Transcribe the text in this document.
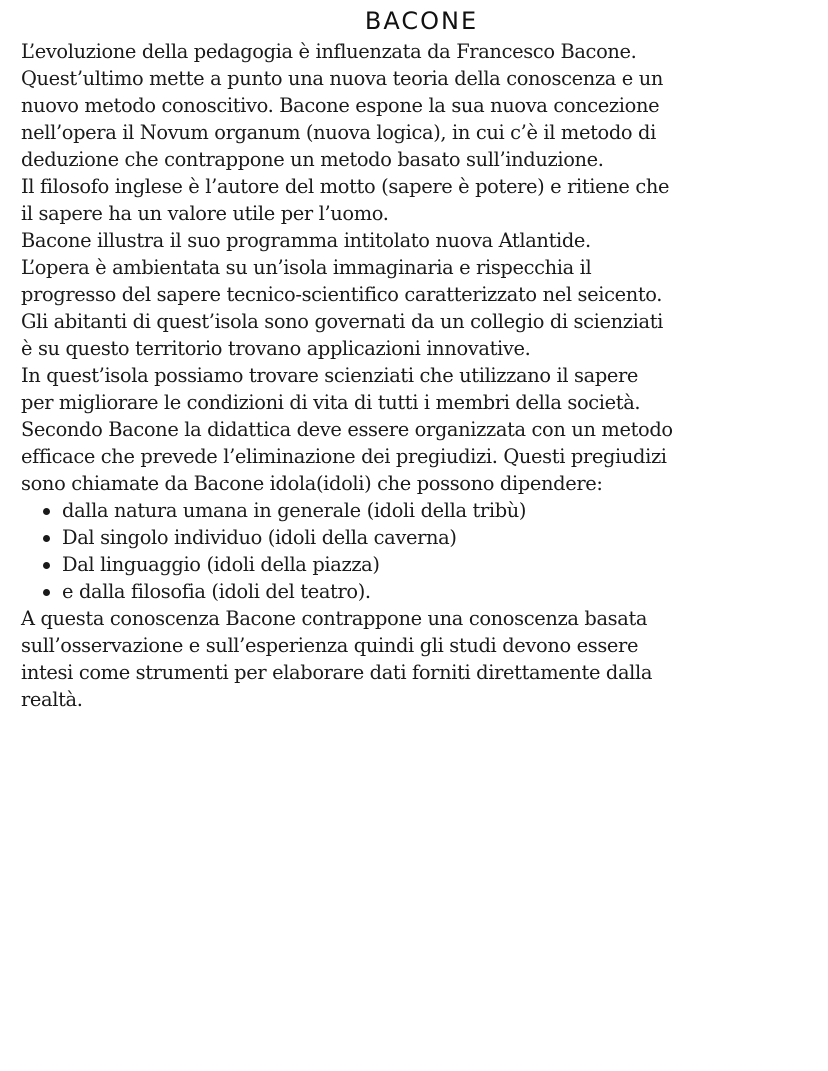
BACONE

L’evoluzione della pedagogia è influenzata da Francesco Bacone.

Quest’ultimo mette a punto una nuova teoria della conoscenza e un

nuovo metodo conoscitivo. Bacone espone la sua nuova concezione

nell’opera il Novum organum (nuova logica), in cui c’è il metodo di

deduzione che contrappone un metodo basato sull’induzione.

Il filosofo inglese è l’autore del motto (sapere è potere) e ritiene che

il sapere ha un valore utile per l’uomo.

Bacone illustra il suo programma intitolato nuova Atlantide.

L’opera è ambientata su un’isola immaginaria e rispecchia il

progresso del sapere tecnico-scientifico caratterizzato nel seicento.

Gli abitanti di quest’isola sono governati da un collegio di scienziati

è su questo territorio trovano applicazioni innovative.

In quest’isola possiamo trovare scienziati che utilizzano il sapere

per migliorare le condizioni di vita di tutti i membri della società.

Secondo Bacone la didattica deve essere organizzata con un metodo

efficace che prevede l’eliminazione dei pregiudizi. Questi pregiudizi

sono chiamate da Bacone idola(idoli) che possono dipendere:

dalla natura umana in generale (idoli della tribù)
Dal singolo individuo (idoli della caverna)
Dal linguaggio (idoli della piazza)
e dalla filosofia (idoli del teatro).

A questa conoscenza Bacone contrappone una conoscenza basata

sull’osservazione e sull’esperienza quindi gli studi devono essere

intesi come strumenti per elaborare dati forniti direttamente dalla

realtà.
